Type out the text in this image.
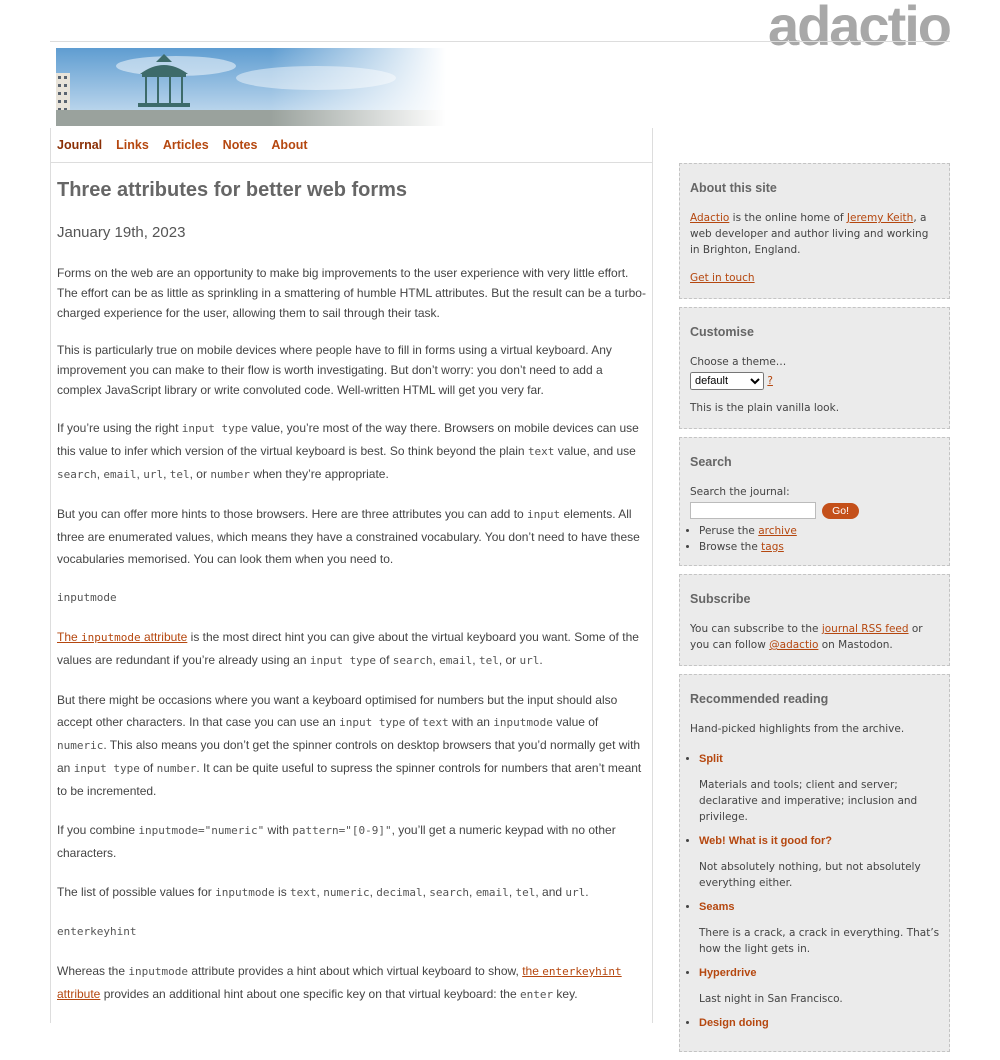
adactio
Journal Links Articles Notes About
Three attributes for better web forms
January 19th, 2023

Forms on the web are an opportunity to make big improvements to the user experience with very little effort. The effort can be as little as sprinkling in a smattering of humble HTML attributes. But the result can be a turbo-charged experience for the user, allowing them to sail through their task.

This is particularly true on mobile devices where people have to fill in forms using a virtual keyboard. Any improvement you can make to their flow is worth investigating. But don’t worry: you don’t need to add a complex JavaScript library or write convoluted code. Well-written HTML will get you very far.

If you’re using the right input type value, you’re most of the way there. Browsers on mobile devices can use this value to infer which version of the virtual keyboard is best. So think beyond the plain text value, and use search, email, url, tel, or number when they’re appropriate.

But you can offer more hints to those browsers. Here are three attributes you can add to input elements. All three are enumerated values, which means they have a constrained vocabulary. You don’t need to have these vocabularies memorised. You can look them when you need to.

inputmode

The inputmode attribute is the most direct hint you can give about the virtual keyboard you want. Some of the values are redundant if you’re already using an input type of search, email, tel, or url.

But there might be occasions where you want a keyboard optimised for numbers but the input should also accept other characters. In that case you can use an input type of text with an inputmode value of numeric. This also means you don’t get the spinner controls on desktop browsers that you’d normally get with an input type of number. It can be quite useful to supress the spinner controls for numbers that aren’t meant to be incremented.

If you combine inputmode="numeric" with pattern="[0-9]", you’ll get a numeric keypad with no other characters.

The list of possible values for inputmode is text, numeric, decimal, search, email, tel, and url.

enterkeyhint

Whereas the inputmode attribute provides a hint about which virtual keyboard to show, the enterkeyhint attribute provides an additional hint about one specific key on that virtual keyboard: the enter key.

About this site

Adactio is the online home of Jeremy Keith, a web developer and author living and working in Brighton, England.

Get in touch

Customise

Choose a theme…

default ?

This is the plain vanilla look.

Search

Search the journal:

Go!

• Peruse the archive
• Browse the tags
Subscribe

You can subscribe to the journal RSS feed or you can follow @adactio on Mastodon.

Recommended reading

Hand-picked highlights from the archive.

• Split
Materials and tools; client and server; declarative and imperative; inclusion and privilege.
• Web! What is it good for?
Not absolutely nothing, but not absolutely everything either.
• Seams
There is a crack, a crack in everything. That’s how the light gets in.
• Hyperdrive
Last night in San Francisco.
• Design doing
